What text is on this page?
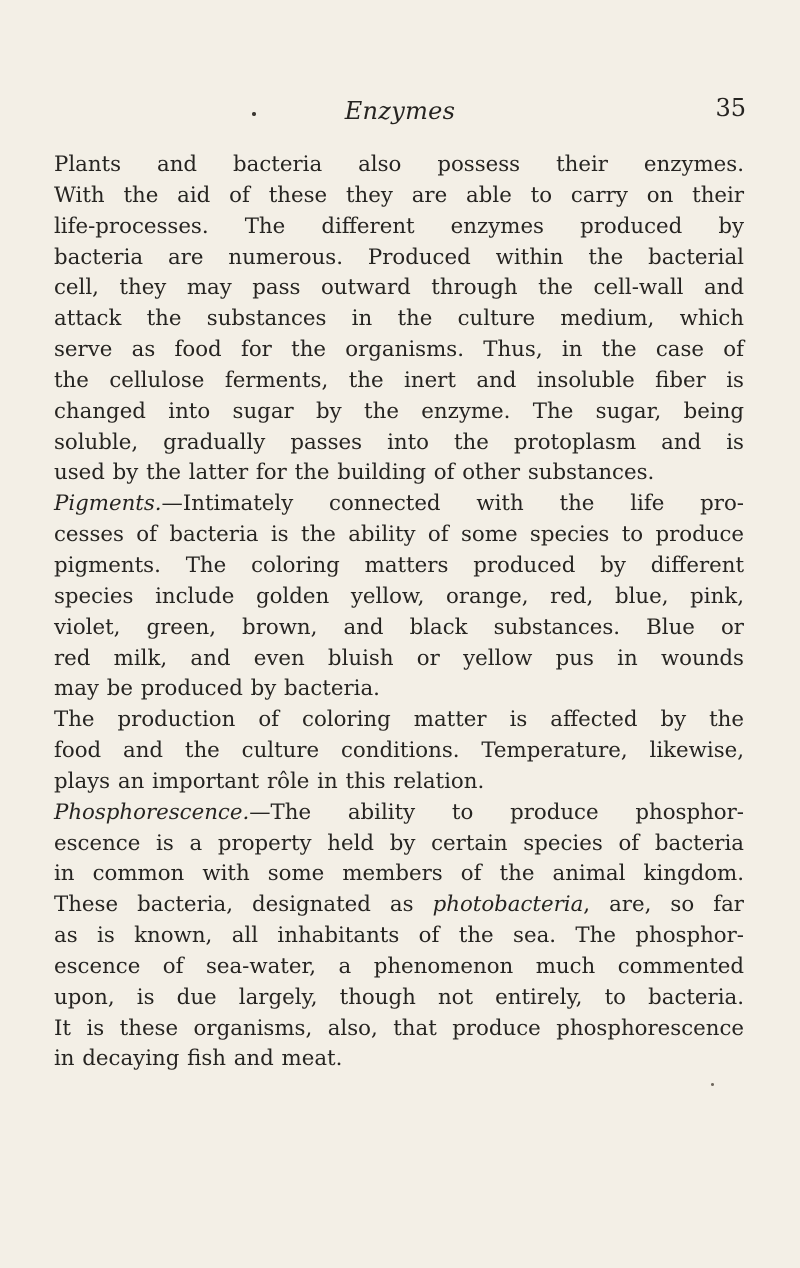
Enzymes	35
Plants and bacteria also possess their enzymes.
With the aid of these they are able to carry on their
life-processes. The different enzymes produced by
bacteria are numerous. Produced within the bacterial
cell, they may pass outward through the cell-wall and
attack the substances in the culture medium, which
serve as food for the organisms. Thus, in the case of
the cellulose ferments, the inert and insoluble fiber is
changed into sugar by the enzyme. The sugar, being
soluble, gradually passes into the protoplasm and is
used by the latter for the building of other substances.
Pigments.—Intimately connected with the life pro-
cesses of bacteria is the ability of some species to produce
pigments. The coloring matters produced by different
species include golden yellow, orange, red, blue, pink,
violet, green, brown, and black substances. Blue or
red milk, and even bluish or yellow pus in wounds
may be produced by bacteria.
The production of coloring matter is affected by the
food and the culture conditions. Temperature, likewise,
plays an important rôle in this relation.
Phosphorescence.—The ability to produce phosphor-
escence is a property held by certain species of bacteria
in common with some members of the animal kingdom.
These bacteria, designated as photobacteria, are, so far
as is known, all inhabitants of the sea. The phosphor-
escence of sea-water, a phenomenon much commented
upon, is due largely, though not entirely, to bacteria.
It is these organisms, also, that produce phosphorescence
in decaying fish and meat.
